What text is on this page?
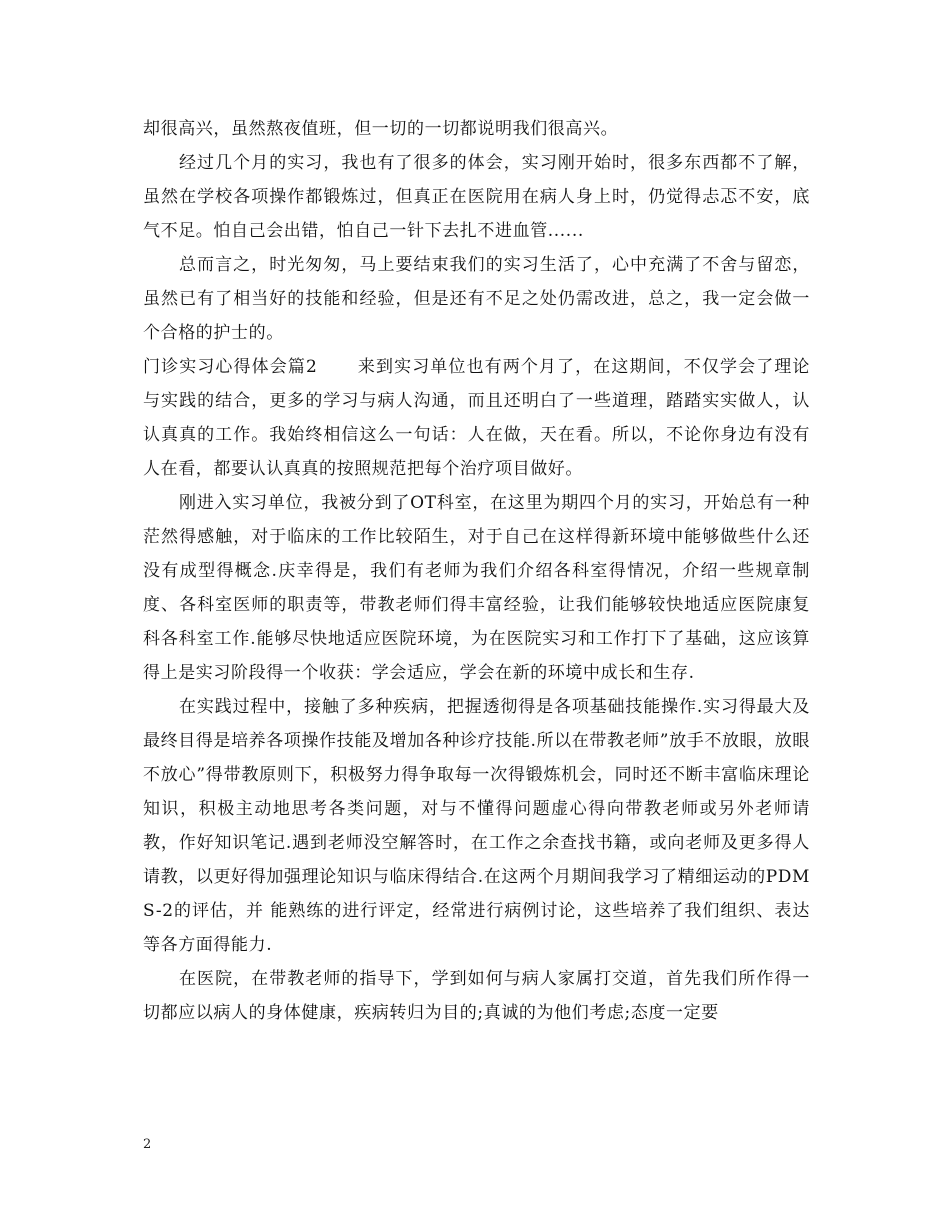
却很高兴，虽然熬夜值班，但一切的一切都说明我们很高兴。

经过几个月的实习，我也有了很多的体会，实习刚开始时，很多东西都不了解，虽然在学校各项操作都锻炼过，但真正在医院用在病人身上时，仍觉得忐忑不安，底气不足。怕自己会出错，怕自己一针下去扎不进血管......

总而言之，时光匆匆，马上要结束我们的实习生活了，心中充满了不舍与留恋，虽然已有了相当好的技能和经验，但是还有不足之处仍需改进，总之，我一定会做一个合格的护士的。

门诊实习心得体会篇2 来到实习单位也有两个月了，在这期间，不仅学会了理论与实践的结合，更多的学习与病人沟通，而且还明白了一些道理，踏踏实实做人，认认真真的工作。我始终相信这么一句话：人在做，天在看。所以，不论你身边有没有人在看，都要认认真真的按照规范把每个治疗项目做好。

刚进入实习单位，我被分到了OT科室，在这里为期四个月的实习，开始总有一种茫然得感触，对于临床的工作比较陌生，对于自己在这样得新环境中能够做些什么还没有成型得概念.庆幸得是，我们有老师为我们介绍各科室得情况，介绍一些规章制度、各科室医师的职责等，带教老师们得丰富经验，让我们能够较快地适应医院康复科各科室工作.能够尽快地适应医院环境，为在医院实习和工作打下了基础，这应该算得上是实习阶段得一个收获：学会适应，学会在新的环境中成长和生存.

在实践过程中，接触了多种疾病，把握透彻得是各项基础技能操作.实习得最大及最终目得是培养各项操作技能及增加各种诊疗技能.所以在带教老师”放手不放眼，放眼不放心”得带教原则下，积极努力得争取每一次得锻炼机会，同时还不断丰富临床理论知识，积极主动地思考各类问题，对与不懂得问题虚心得向带教老师或另外老师请教，作好知识笔记.遇到老师没空解答时，在工作之余查找书籍，或向老师及更多得人请教，以更好得加强理论知识与临床得结合.在这两个月期间我学习了精细运动的PDMS-2的评估，并 能熟练的进行评定，经常进行病例讨论，这些培养了我们组织、表达等各方面得能力.

在医院，在带教老师的指导下，学到如何与病人家属打交道，首先我们所作得一切都应以病人的身体健康，疾病转归为目的;真诚的为他们考虑;态度一定要

2
